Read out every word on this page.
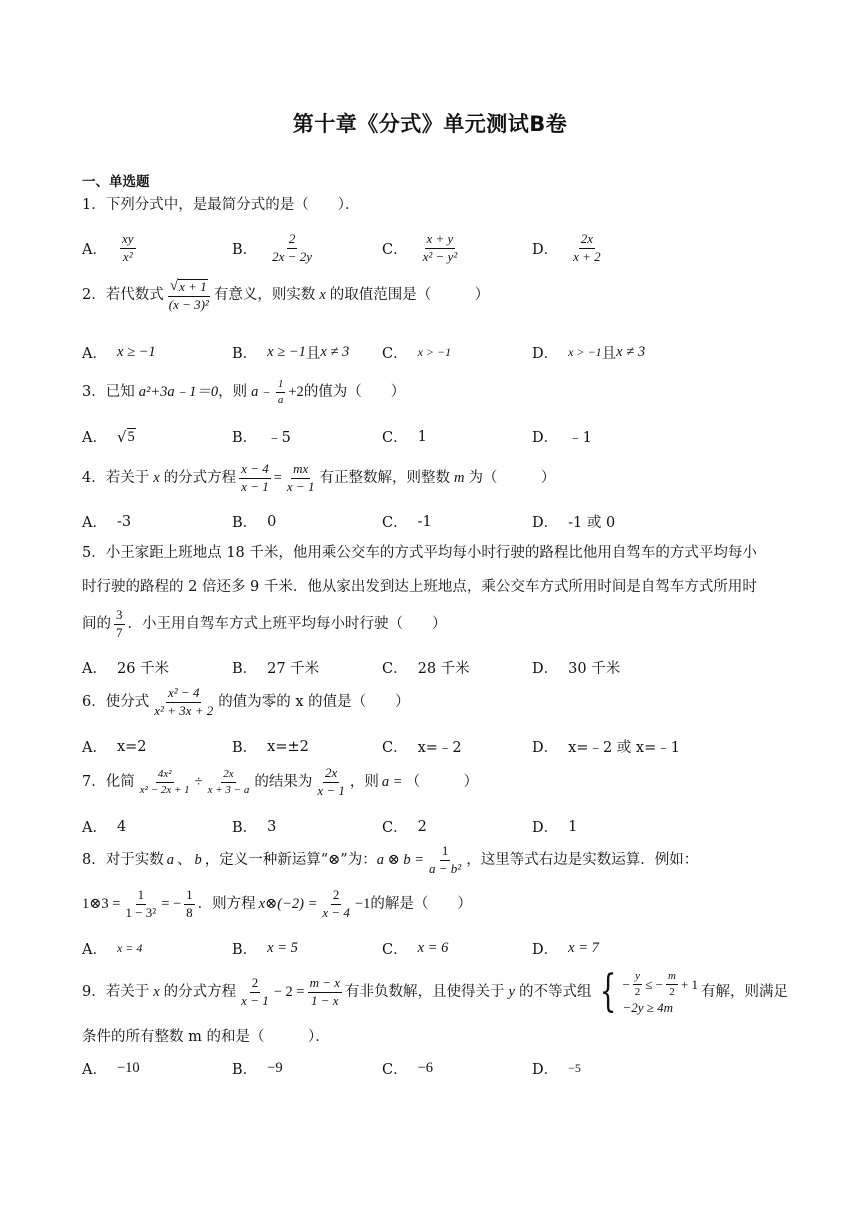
第十章《分式》单元测试B卷
一、单选题
1．下列分式中，是最简分式的是（　　）．
A． $\frac{xy}{\text{x²}}$	B． $\frac{2}{2x - 2y}$	C． $\frac{x + y}{\text{x² − y²}}$	D． $\frac{2x}{x + 2}$
2．若代数式 $\frac{√ x + 1}{\text{(x − 3)²}}$ 有意义，则实数 x 的取值范围是（　　　）
A． x ≥ −1	B． x ≥ −1 且 x ≠ 3 C． x > −1	D． x > −1 且 x ≠ 3
3．已知 a²+3a﹣1＝0 ，则 a﹣ $\frac{1}{a} +2$ 的值为（　　）
A． √ 5	B． ﹣5	C． 1	D． ﹣1
4．若关于 x 的分式方程 $\frac{x - 4}{x - 1} = \frac{mx}{x - 1}$ 有正整数解，则整数 m 为（　　　）
A． -3	B． 0	C． -1	D． -1 或 0
5．小王家距上班地点 18 千米，他用乘公交车的方式平均每小时行驶的路程比他用自驾车的方式平均每小
时行驶的路程的 2 倍还多 9 千米．他从家出发到达上班地点，乘公交车方式所用时间是自驾车方式所用时
间的 $\frac{3}{7}$ ．小王用自驾车方式上班平均每小时行驶（　　）
A． 26 千米	B． 27 千米	C． 28 千米	D． 30 千米
6．使分式 $\frac{\text{x² − 4}}{\text{x² + 3x + 2}}$ 的值为零的 x 的值是（　　）
A． x=2	B． x=±2	C． x=﹣2	D． x=﹣2 或 x=﹣1
7．化简 $\frac{\text{4x²}}{\text{x² − 2x + 1}} \div \frac{2x}{x + 3 - a}$ 的结果为 $\frac{2x}{x - 1}$ ，则 a = （　　　）
A． 4	B． 3	C． 2	D． 1
8．对于实数 a 、 b ，定义一种新运算“⊗”为： a ⊗ $b = \frac{1}{\text{a − b²}}$ ，这里等式右边是实数运算．例如：
1⊗3 = $\frac{1}{\text{1 − 3²}}$ = − $\frac{1}{8}$ ．则方程 x⊗(−2) = $\frac{2}{x - 4} -1$ 的解是（　　）
A． x = 4	B． x = 5	C． x = 6	D． x = 7
9．若关于 x 的分式方程 $\frac{2}{x - 1} - 2 = \frac{m - x}{1 - x}$ 有非负数解，且使得关于 y 的不等式组 { − $\frac{y}{2}$ ≤ − $\frac{m}{2} + 1$
−2y ≥ 4m
有解，则满足
条件的所有整数 m 的和是（　　　）．
A． −10	B． −9	C． −6	D． −5
